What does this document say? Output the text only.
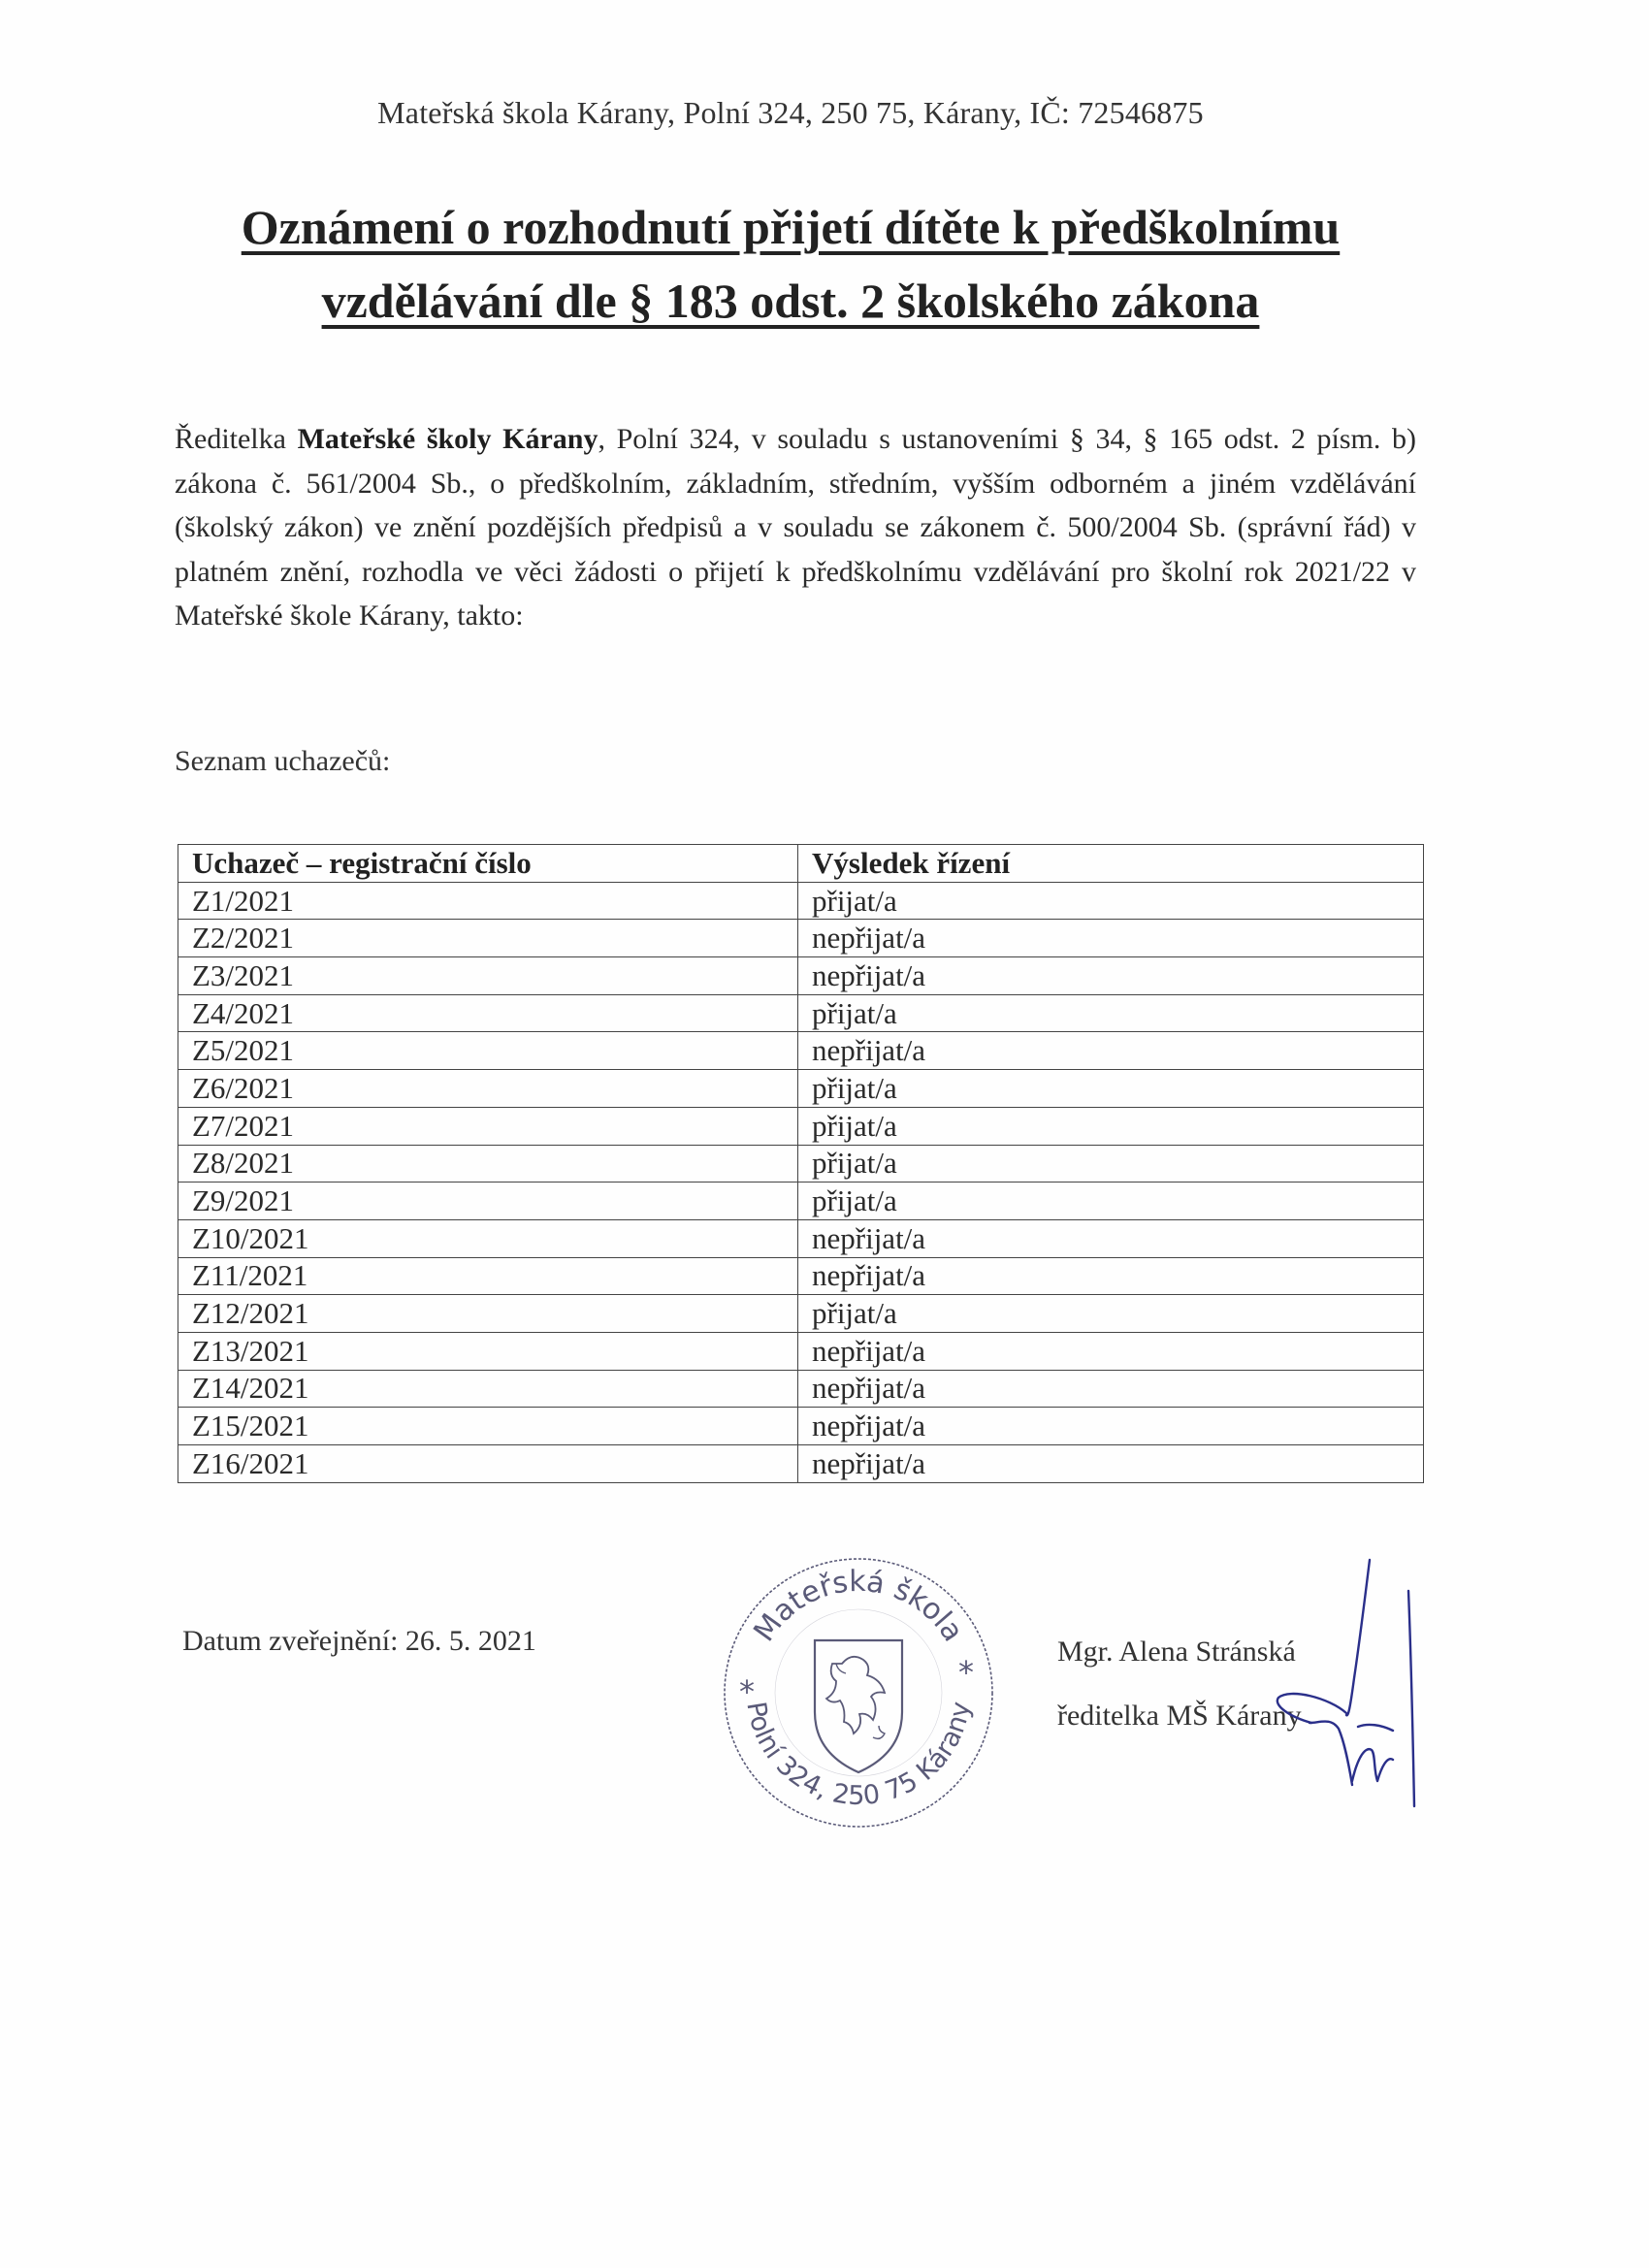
Mateřská škola Kárany, Polní 324, 250 75, Kárany, IČ: 72546875
Oznámení o rozhodnutí přijetí dítěte k předškolnímu
vzdělávání dle § 183 odst. 2 školského zákona
Ředitelka Mateřské školy Kárany, Polní 324, v souladu s ustanoveními § 34, § 165 odst. 2 písm. b) zákona č. 561/2004 Sb., o předškolním, základním, středním, vyšším odborném a jiném vzdělávání (školský zákon) ve znění pozdějších předpisů a v souladu se zákonem č. 500/2004 Sb. (správní řád) v platném znění, rozhodla ve věci žádosti o přijetí k předškolnímu vzdělávání pro školní rok 2021/22 v Mateřské škole Kárany, takto:
Seznam uchazečů:
Uchazeč – registrační číslo	Výsledek řízení
Z1/2021	přijat/a
Z2/2021	nepřijat/a
Z3/2021	nepřijat/a
Z4/2021	přijat/a
Z5/2021	nepřijat/a
Z6/2021	přijat/a
Z7/2021	přijat/a
Z8/2021	přijat/a
Z9/2021	přijat/a
Z10/2021	nepřijat/a
Z11/2021	nepřijat/a
Z12/2021	přijat/a
Z13/2021	nepřijat/a
Z14/2021	nepřijat/a
Z15/2021	nepřijat/a
Z16/2021	nepřijat/a
Datum zveřejnění: 26. 5. 2021	Mateřská škola
Polní 324, 250 75 Kárany
*
*
Mgr. Alena Stránská
ředitelka MŠ Kárany
